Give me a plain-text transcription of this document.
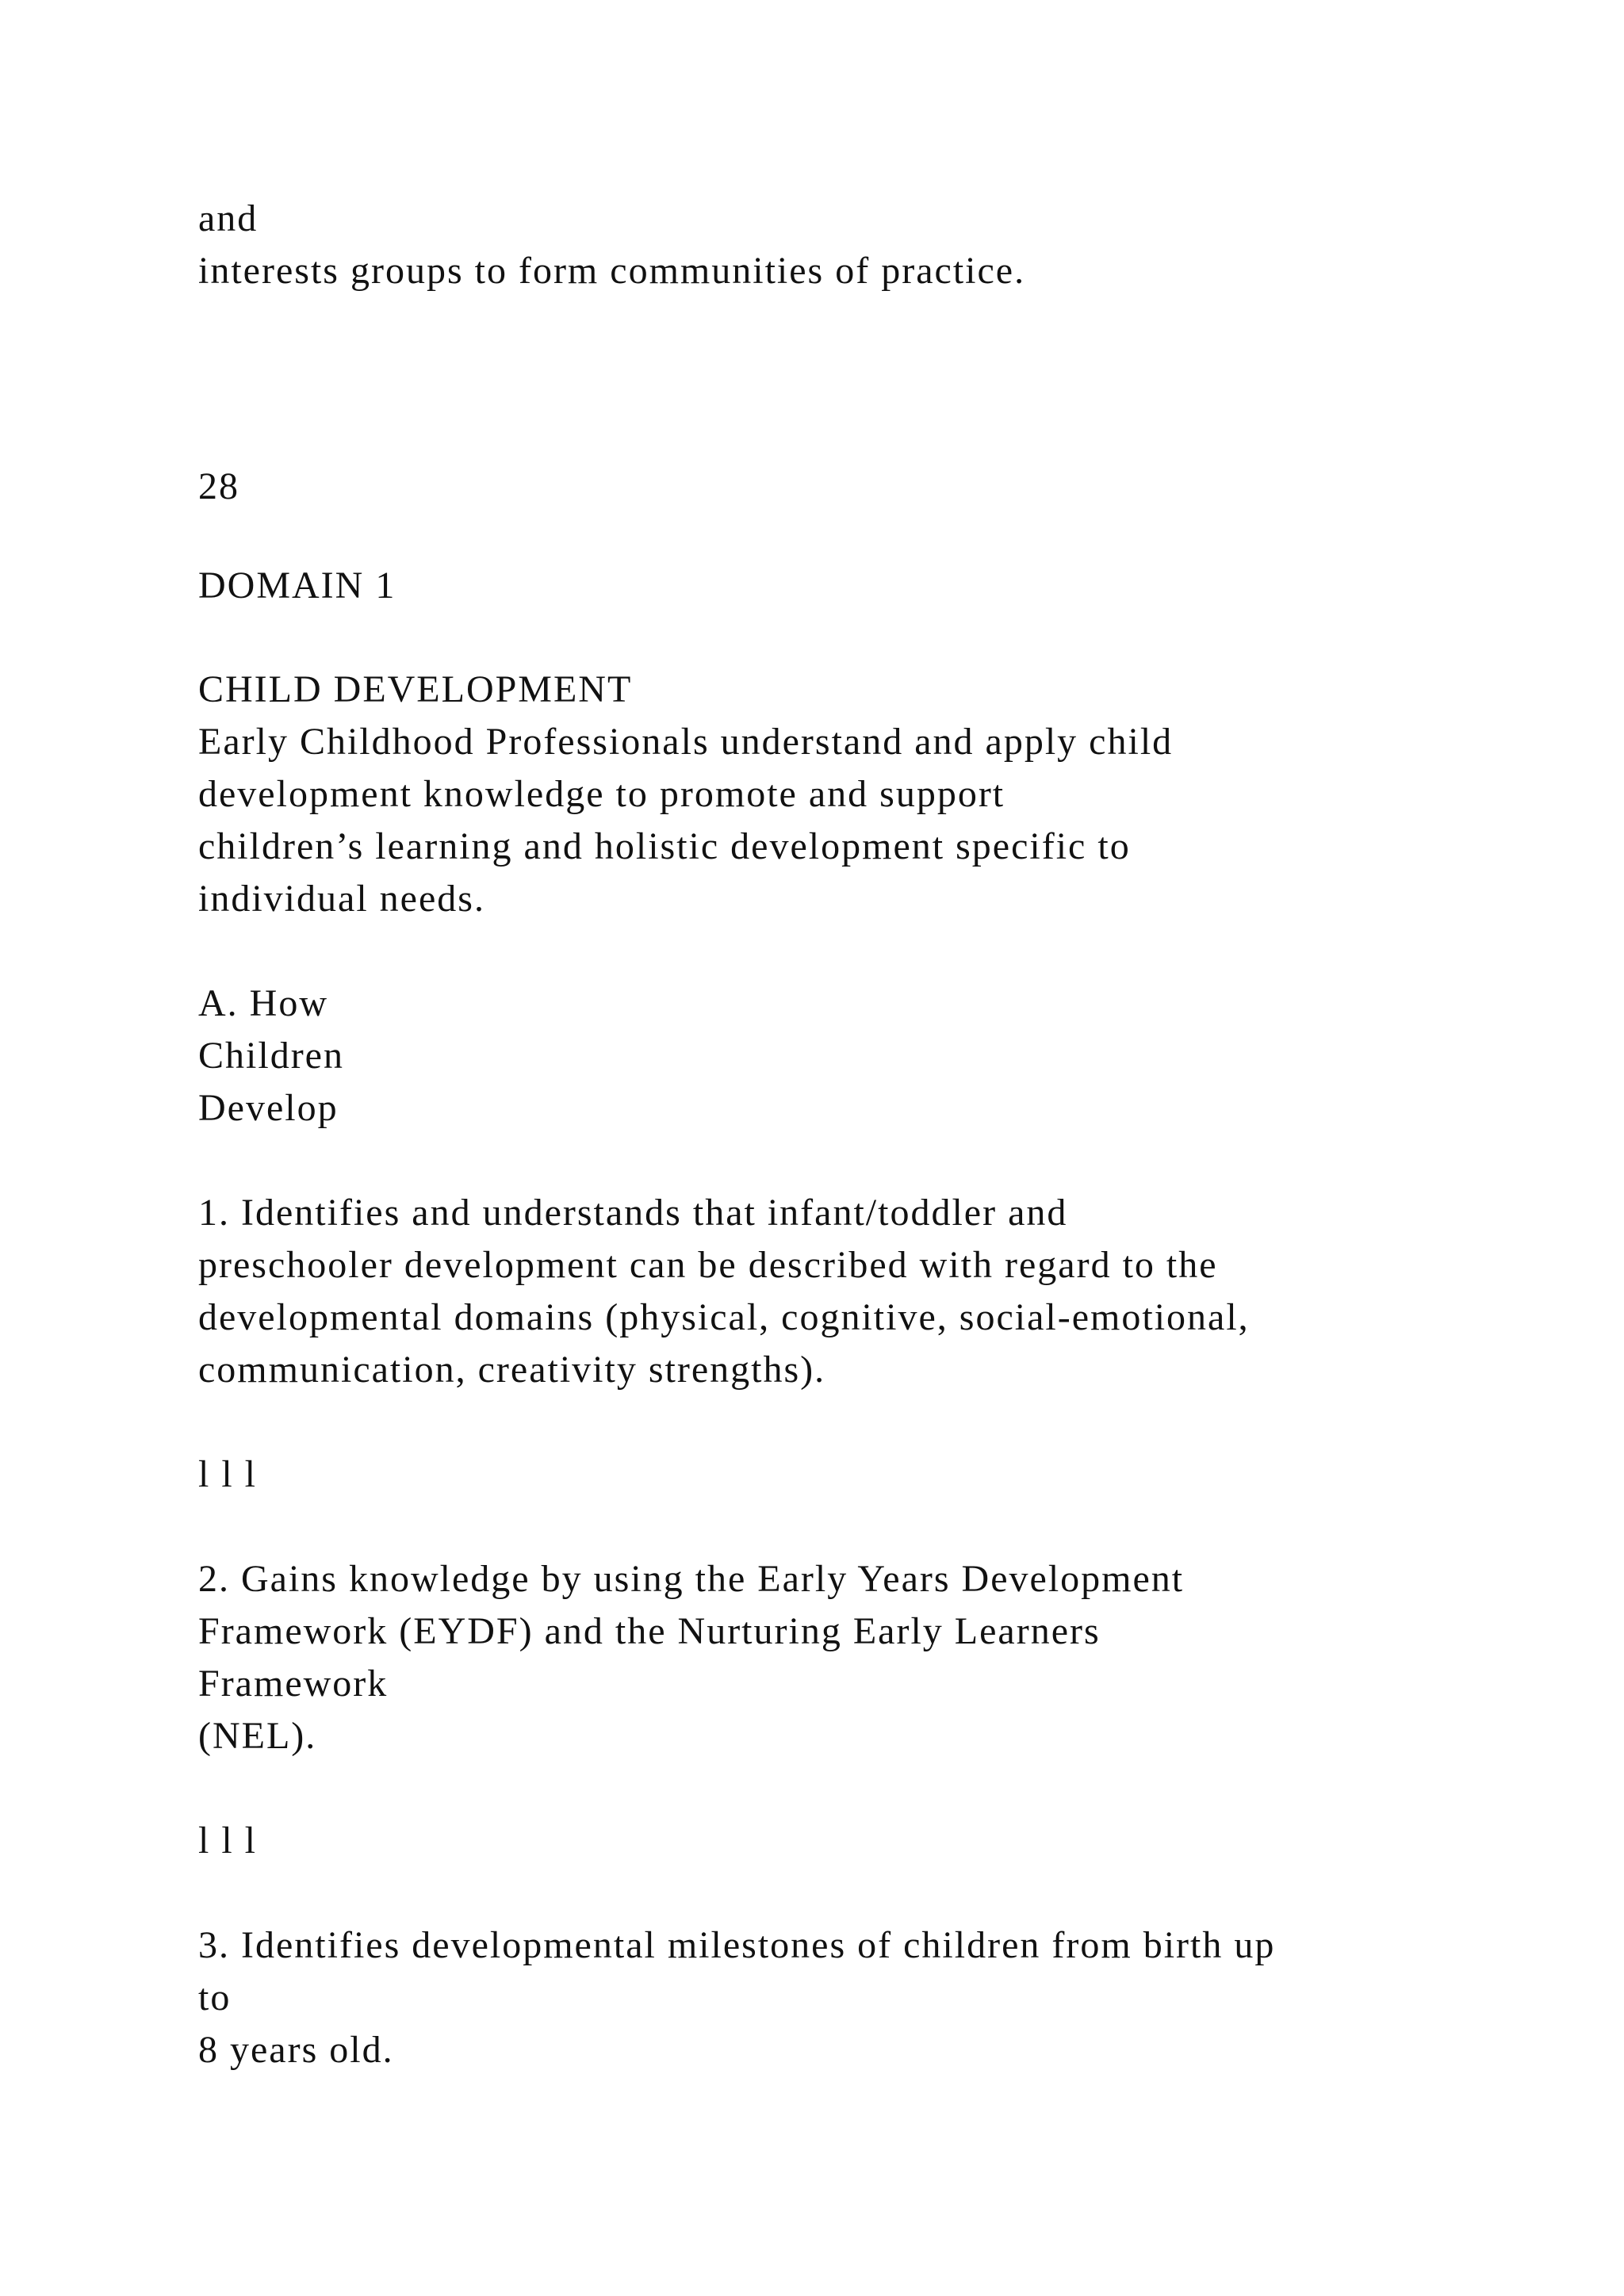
and
interests groups to form communities of practice.
28
DOMAIN 1
CHILD DEVELOPMENT
Early Childhood Professionals understand and apply child
development knowledge to promote and support
children’s learning and holistic development specific to
individual needs.
A. How
Children
Develop
1. Identifies and understands that infant/toddler and
preschooler development can be described with regard to the
developmental domains (physical, cognitive, social-emotional,
communication, creativity strengths).
l l l
2. Gains knowledge by using the Early Years Development
Framework (EYDF) and the Nurturing Early Learners
Framework
(NEL).
l l l
3. Identifies developmental milestones of children from birth up
to
8 years old.
